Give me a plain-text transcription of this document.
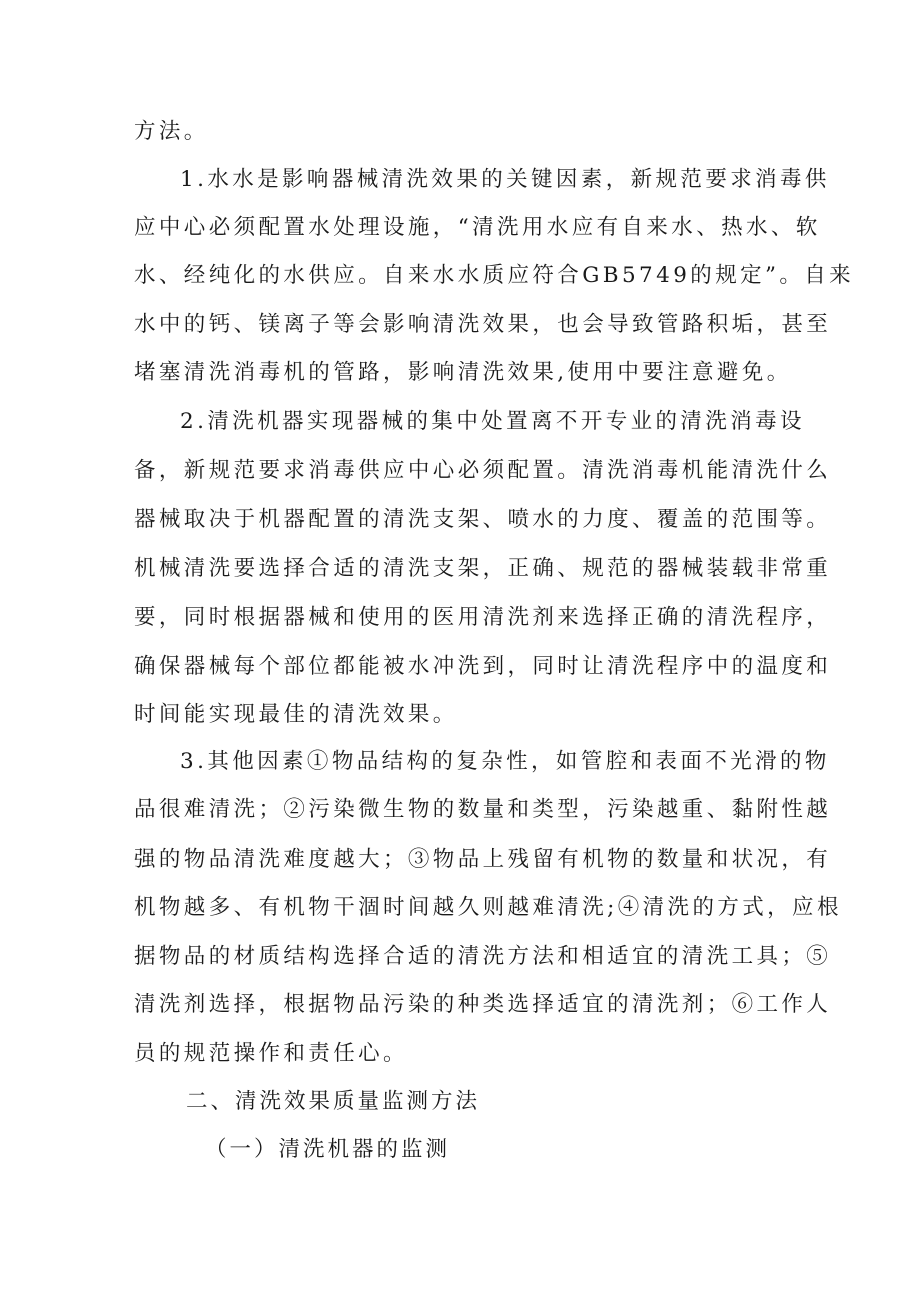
方法。
1.水水是影响器械清洗效果的关键因素，新规范要求消毒供
应中心必须配置水处理设施，“清洗用水应有自来水、热水、软
水、经纯化的水供应。自来水水质应符合GB5749的规定”。自来
水中的钙、镁离子等会影响清洗效果，也会导致管路积垢，甚至
堵塞清洗消毒机的管路，影响清洗效果,使用中要注意避免。
2.清洗机器实现器械的集中处置离不开专业的清洗消毒设
备，新规范要求消毒供应中心必须配置。清洗消毒机能清洗什么
器械取决于机器配置的清洗支架、喷水的力度、覆盖的范围等。
机械清洗要选择合适的清洗支架，正确、规范的器械装载非常重
要，同时根据器械和使用的医用清洗剂来选择正确的清洗程序，
确保器械每个部位都能被水冲洗到，同时让清洗程序中的温度和
时间能实现最佳的清洗效果。
3.其他因素①物品结构的复杂性，如管腔和表面不光滑的物
品很难清洗；②污染微生物的数量和类型，污染越重、黏附性越
强的物品清洗难度越大；③物品上残留有机物的数量和状况，有
机物越多、有机物干涸时间越久则越难清洗;④清洗的方式，应根
据物品的材质结构选择合适的清洗方法和相适宜的清洗工具；⑤
清洗剂选择，根据物品污染的种类选择适宜的清洗剂；⑥工作人
员的规范操作和责任心。
二、清洗效果质量监测方法
（一）清洗机器的监测
